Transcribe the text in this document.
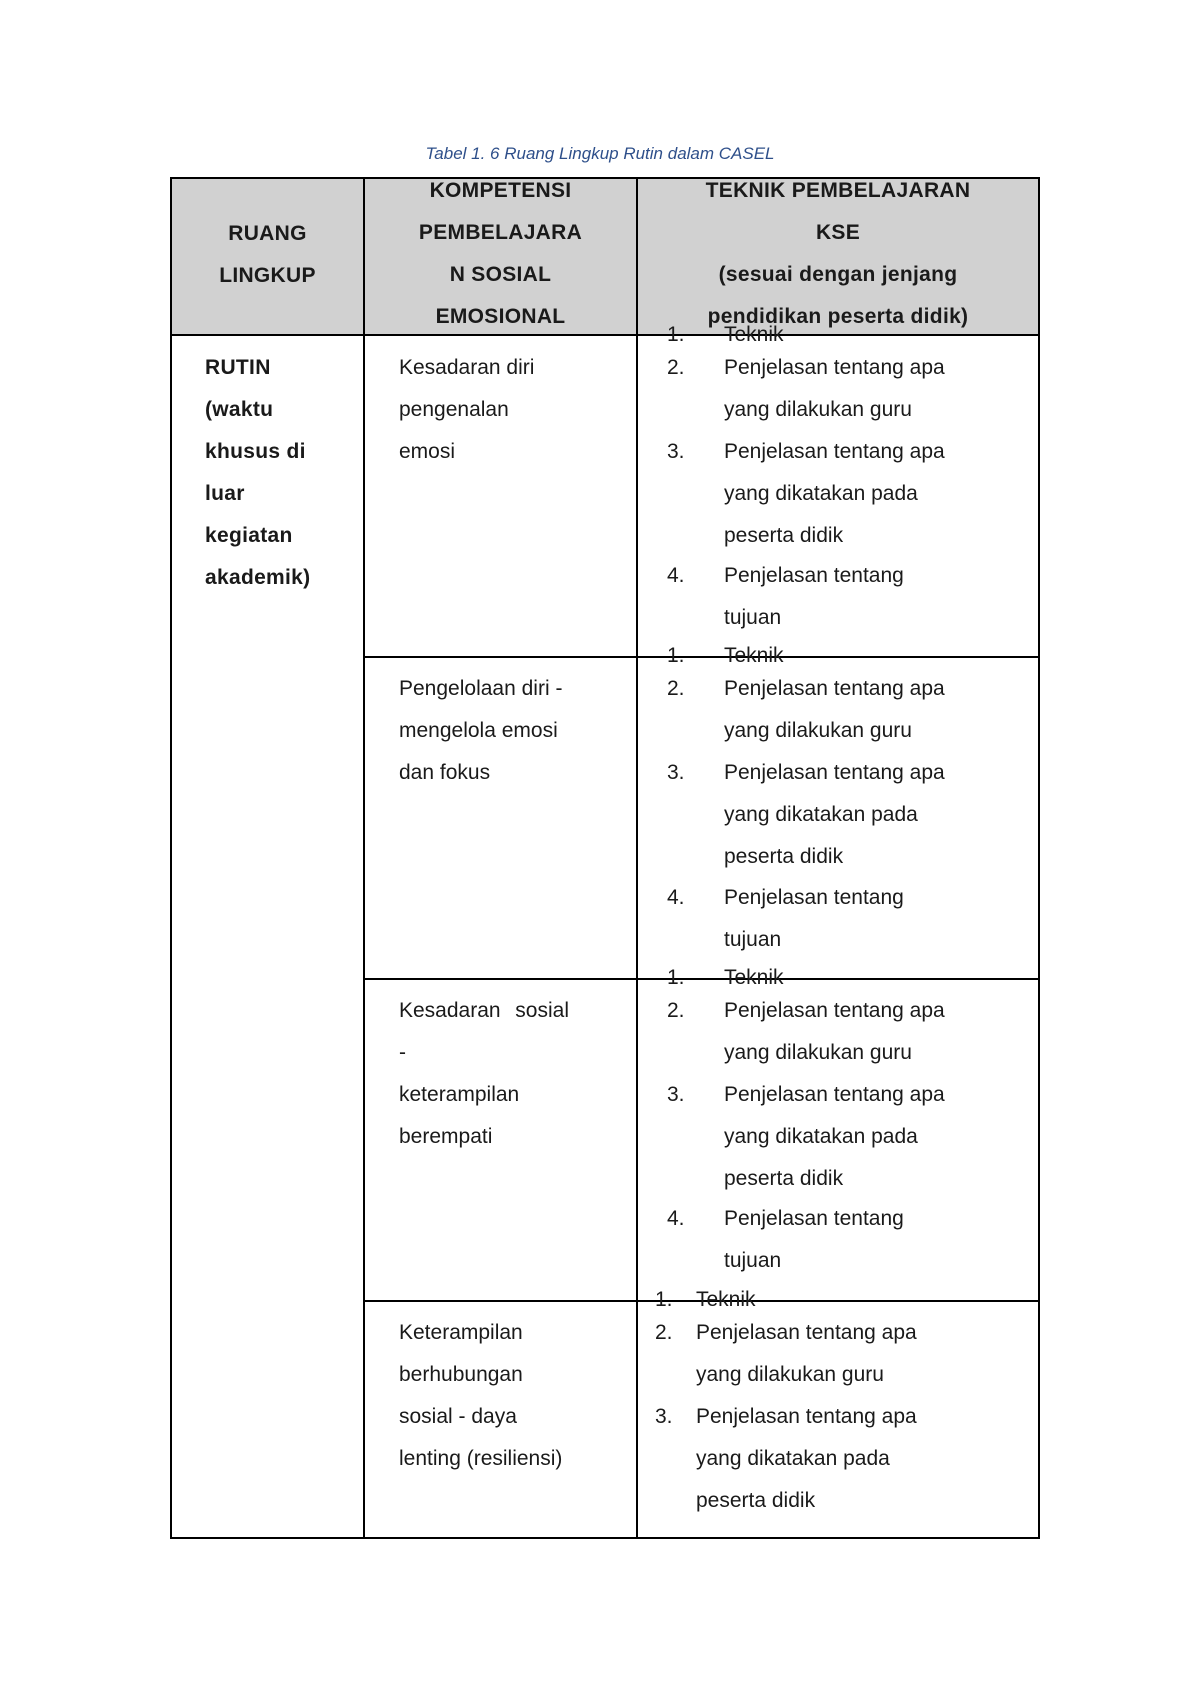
Tabel 1. 6 Ruang Lingkup Rutin dalam CASEL
RUANG
LINGKUP
KOMPETENSI
PEMBELAJARA
N SOSIAL
EMOSIONAL
TEKNIK PEMBELAJARAN
KSE
(sesuai dengan jenjang
pendidikan peserta didik)
RUTIN
(waktu
khusus di
luar
kegiatan
akademik)
Kesadaran diri
pengenalan emosi
1. Teknik
2. Penjelasan tentang apa
yang dilakukan guru
3. Penjelasan tentang apa
yang dikatakan pada
peserta didik
4. Penjelasan tentang
tujuan
Pengelolaan diri -
mengelola emosi
dan fokus
1. Teknik
2. Penjelasan tentang apa
yang dilakukan guru
3. Penjelasan tentang apa
yang dikatakan pada
peserta didik
4. Penjelasan tentang
tujuan
Kesadaran sosial -
keterampilan
berempati
1. Teknik
2. Penjelasan tentang apa
yang dilakukan guru
3. Penjelasan tentang apa
yang dikatakan pada
peserta didik
4. Penjelasan tentang
tujuan
Keterampilan
berhubungan
sosial - daya
lenting (resiliensi)
1. Teknik
2. Penjelasan tentang apa
yang dilakukan guru
3. Penjelasan tentang apa
yang dikatakan pada
peserta didik
